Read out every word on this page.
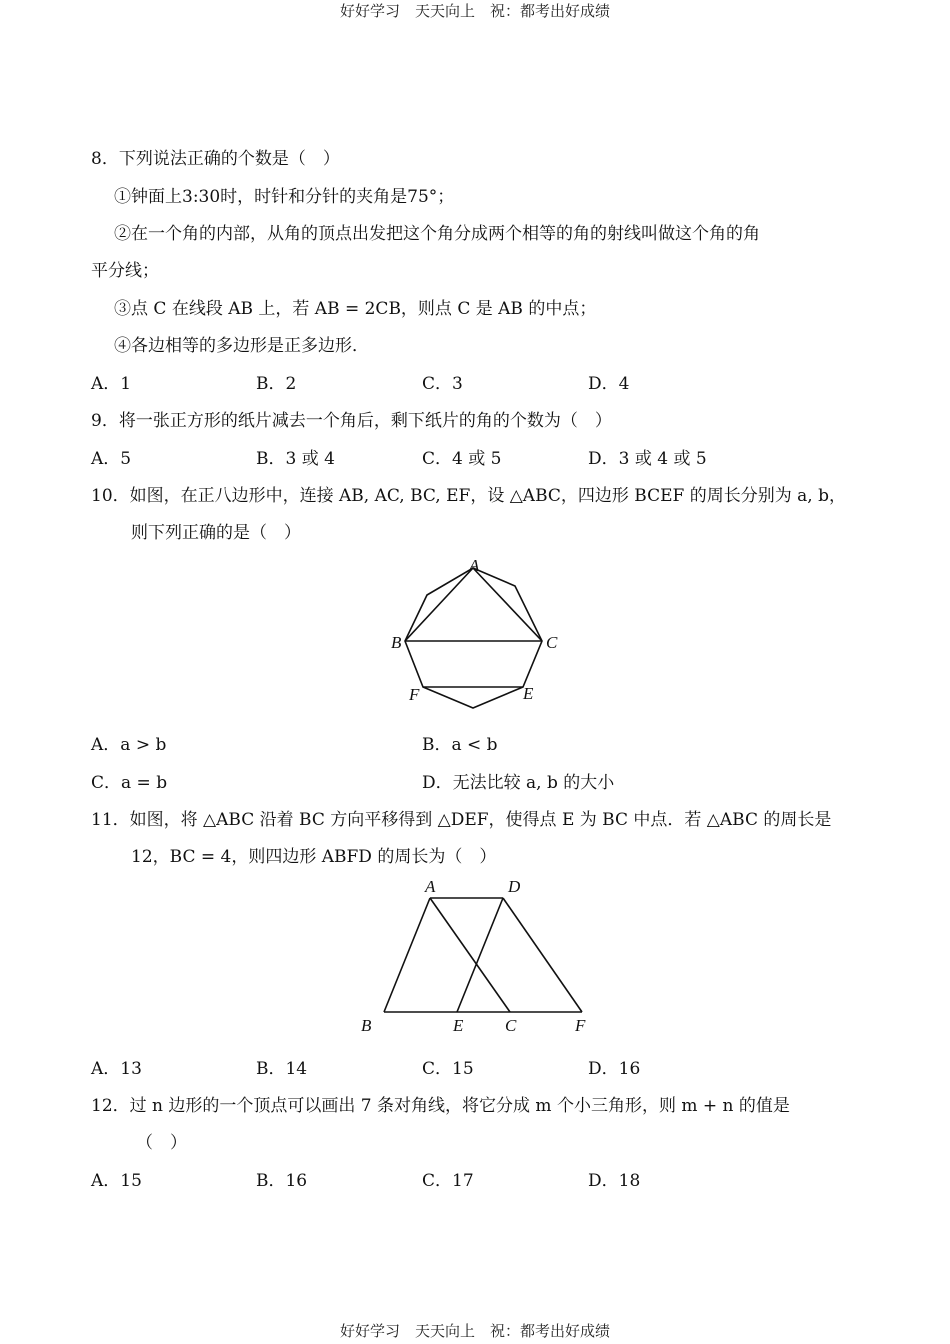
好好学习　天天向上　祝：都考出好成绩
8．下列说法正确的个数是（　）
①钟面上3:30时，时针和分针的夹角是75°；
②在一个角的内部，从角的顶点出发把这个角分成两个相等的角的射线叫做这个角的角
平分线；
③点 C 在线段 AB 上，若 AB = 2CB，则点 C 是 AB 的中点；
④各边相等的多边形是正多边形．
A．1	B．2	C．3	D．4
9．将一张正方形的纸片减去一个角后，剩下纸片的角的个数为（　）
A．5	B．3 或 4	C．4 或 5	D．3 或 4 或 5
10．如图，在正八边形中，连接 AB, AC, BC, EF，设 △ABC，四边形 BCEF 的周长分别为 a, b，
则下列正确的是（　）
A
B	C
E
F
A．a > b	B．a < b
C．a = b	D．无法比较 a, b 的大小
11．如图，将 △ABC 沿着 BC 方向平移得到 △DEF，使得点 E 为 BC 中点．若 △ABC 的周长是
12，BC = 4，则四边形 ABFD 的周长为（　）
A	D
B	E C	F
A．13	B．14	C．15	D．16
12．过 n 边形的一个顶点可以画出 7 条对角线，将它分成 m 个小三角形，则 m + n 的值是
（　）
A．15	B．16	C．17	D．18
好好学习　天天向上　祝：都考出好成绩
